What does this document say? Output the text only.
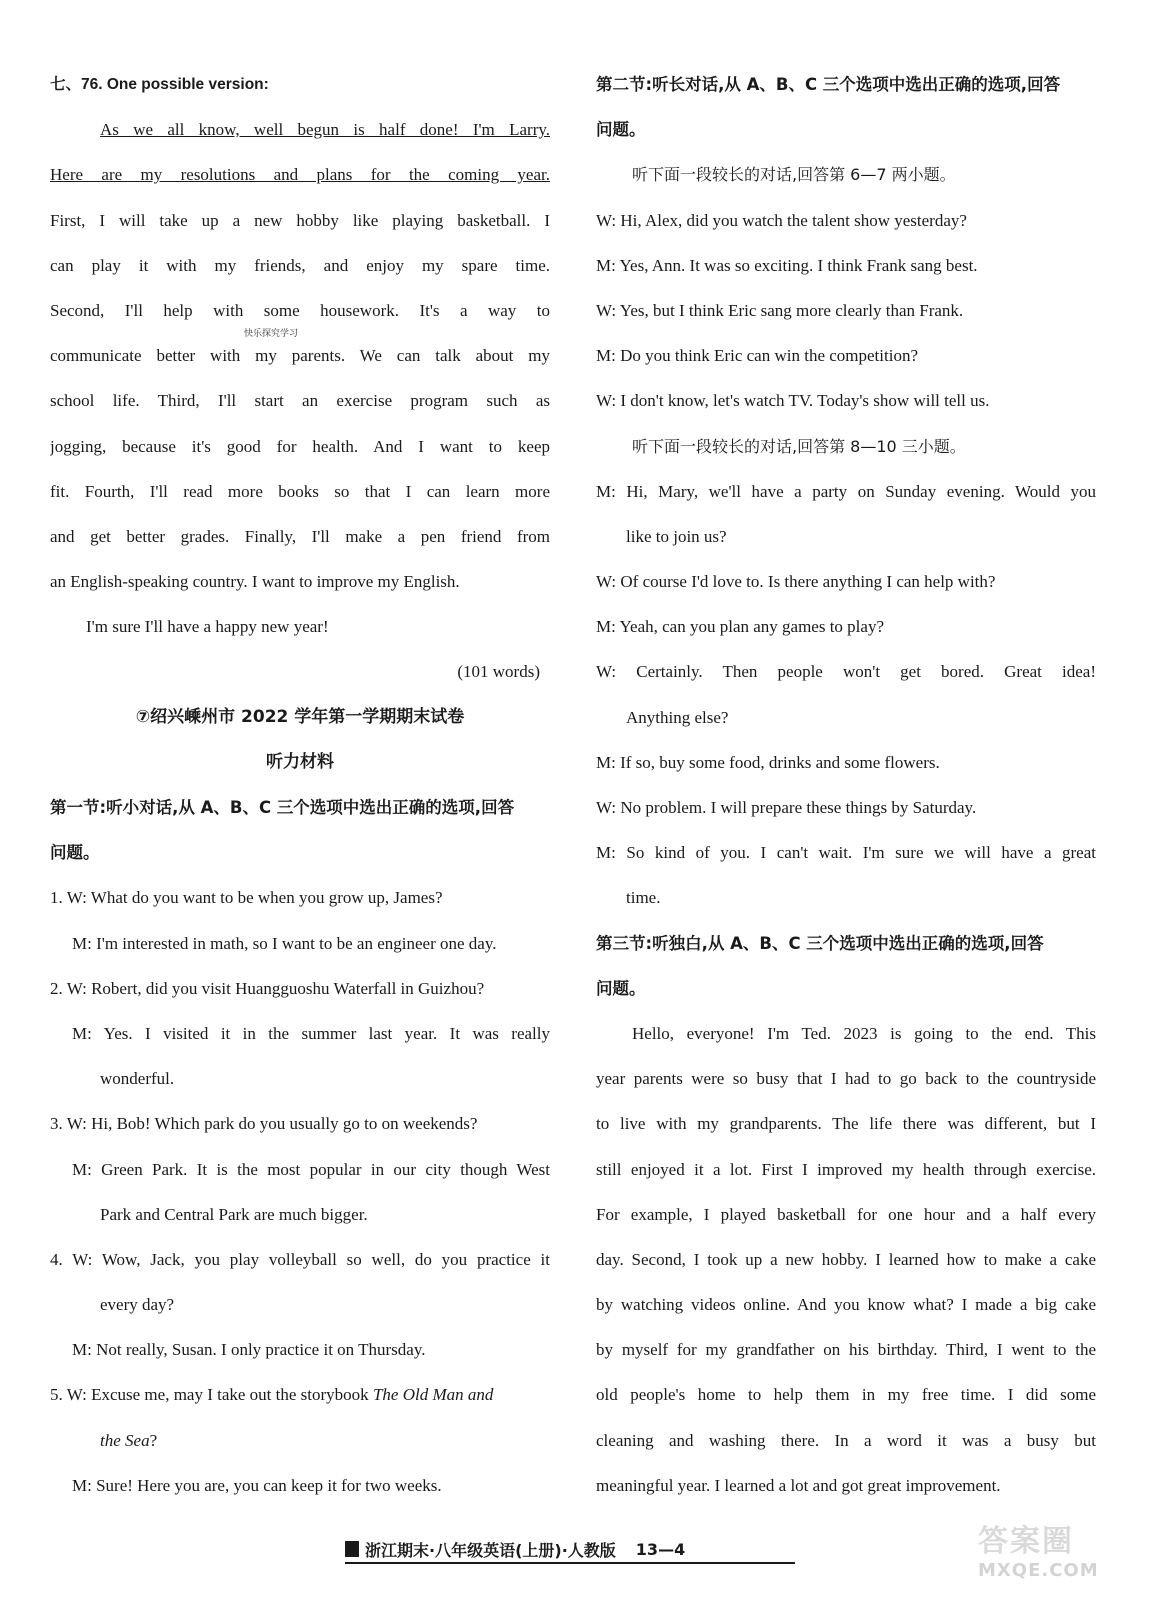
七、76. One possible version:
As we all know, well begun is half done! I'm Larry.
Here are my resolutions and plans for the coming year.
First, I will take up a new hobby like playing basketball. I
can play it with my friends, and enjoy my spare time.
Second, I'll help with some housework. It's a way to
communicate better with my parents. We can talk about my
school life. Third, I'll start an exercise program such as
jogging, because it's good for health. And I want to keep
fit. Fourth, I'll read more books so that I can learn more
and get better grades. Finally, I'll make a pen friend from
an English-speaking country. I want to improve my English.
I'm sure I'll have a happy new year!
(101 words)
⑦绍兴嵊州市 2022 学年第一学期期末试卷
听力材料
第一节:听小对话,从 A、B、C 三个选项中选出正确的选项,回答
问题。
1. W: What do you want to be when you grow up, James?
M: I'm interested in math, so I want to be an engineer one day.
2. W: Robert, did you visit Huangguoshu Waterfall in Guizhou?
M: Yes. I visited it in the summer last year. It was really
wonderful.
3. W: Hi, Bob! Which park do you usually go to on weekends?
M: Green Park. It is the most popular in our city though West
Park and Central Park are much bigger.
4. W: Wow, Jack, you play volleyball so well, do you practice it
every day?
M: Not really, Susan. I only practice it on Thursday.
5. W: Excuse me, may I take out the storybook The Old Man and
the Sea?
M: Sure! Here you are, you can keep it for two weeks.
快乐探究学习
第二节:听长对话,从 A、B、C 三个选项中选出正确的选项,回答
问题。
听下面一段较长的对话,回答第 6—7 两小题。
W: Hi, Alex, did you watch the talent show yesterday?
M: Yes, Ann. It was so exciting. I think Frank sang best.
W: Yes, but I think Eric sang more clearly than Frank.
M: Do you think Eric can win the competition?
W: I don't know, let's watch TV. Today's show will tell us.
听下面一段较长的对话,回答第 8—10 三小题。
M: Hi, Mary, we'll have a party on Sunday evening. Would you
like to join us?
W: Of course I'd love to. Is there anything I can help with?
M: Yeah, can you plan any games to play?
W: Certainly. Then people won't get bored. Great idea!
Anything else?
M: If so, buy some food, drinks and some flowers.
W: No problem. I will prepare these things by Saturday.
M: So kind of you. I can't wait. I'm sure we will have a great
time.
第三节:听独白,从 A、B、C 三个选项中选出正确的选项,回答
问题。
Hello, everyone! I'm Ted. 2023 is going to the end. This
year parents were so busy that I had to go back to the countryside
to live with my grandparents. The life there was different, but I
still enjoyed it a lot. First I improved my health through exercise.
For example, I played basketball for one hour and a half every
day. Second, I took up a new hobby. I learned how to make a cake
by watching videos online. And you know what? I made a big cake
by myself for my grandfather on his birthday. Third, I went to the
old people's home to help them in my free time. I did some
cleaning and washing there. In a word it was a busy but
meaningful year. I learned a lot and got great improvement.
浙江期末·八年级英语(上册)·人教版 13—4	答案圈
MXQE.COM
